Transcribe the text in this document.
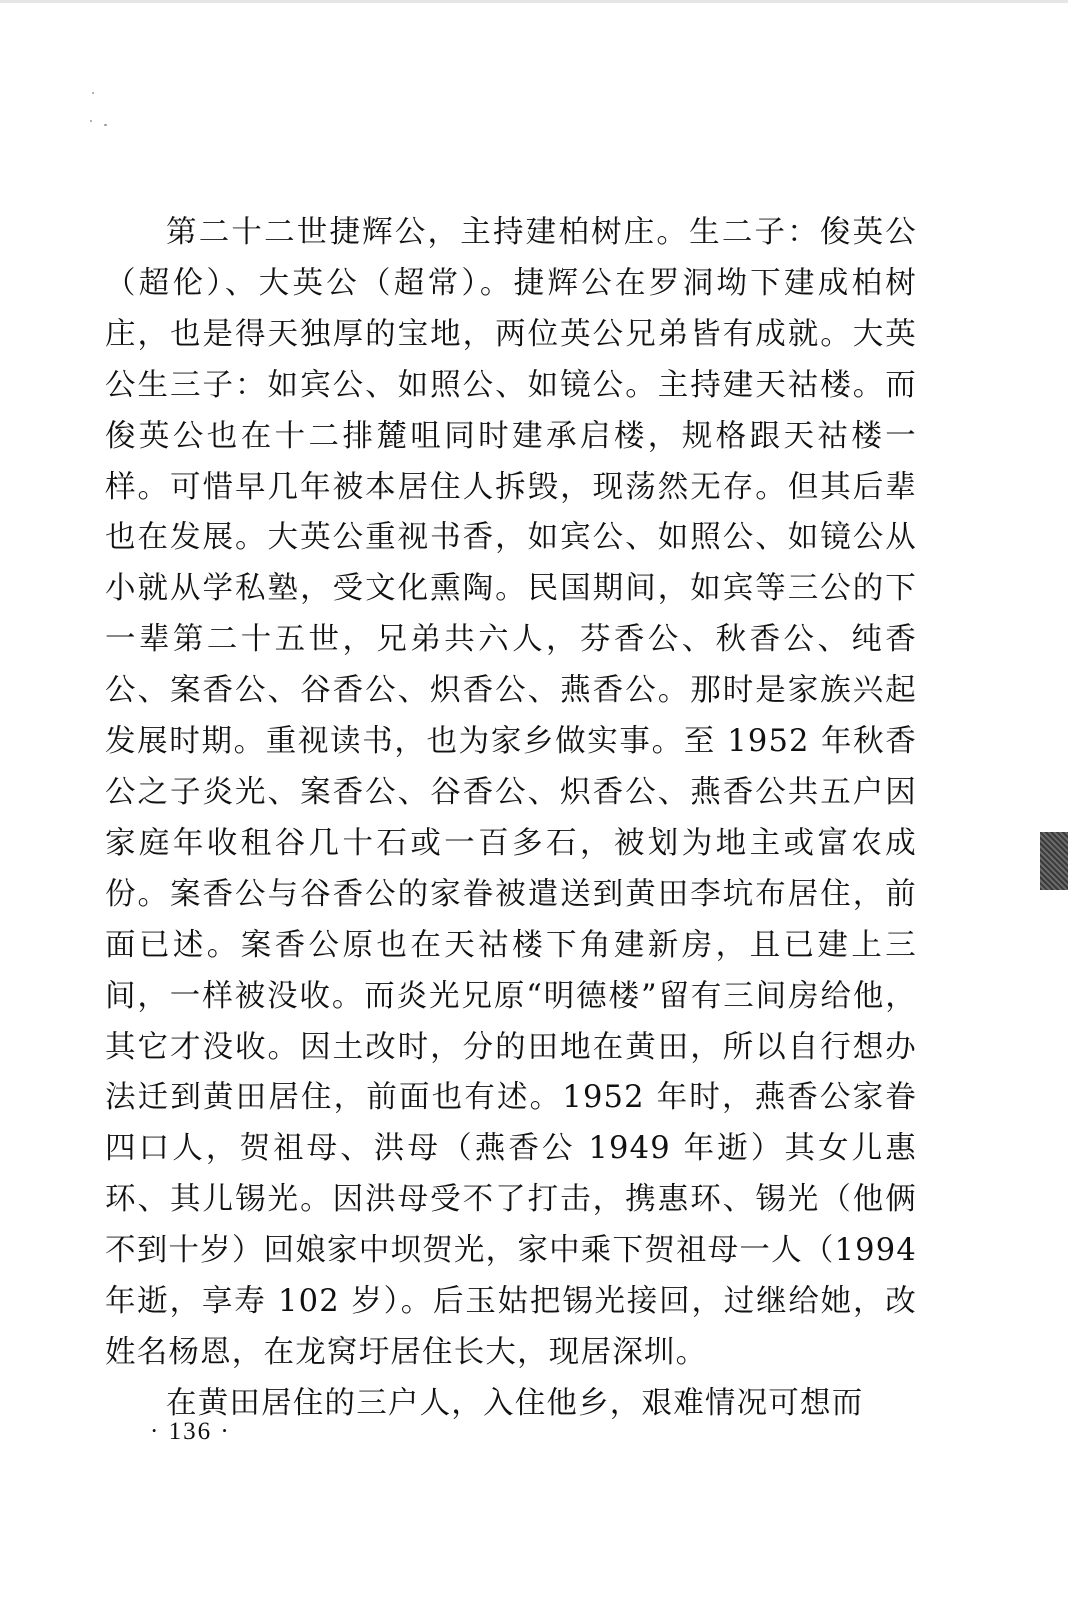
第二十二世捷辉公，主持建柏树庄。生二子：俊英公（超伦）、大英公（超常）。捷辉公在罗洞坳下建成柏树庄，也是得天独厚的宝地，两位英公兄弟皆有成就。大英公生三子：如宾公、如照公、如镜公。主持建天祜楼。而俊英公也在十二排麓咀同时建承启楼，规格跟天祜楼一样。可惜早几年被本居住人拆毁，现荡然无存。但其后辈也在发展。大英公重视书香，如宾公、如照公、如镜公从小就从学私塾，受文化熏陶。民国期间，如宾等三公的下一辈第二十五世，兄弟共六人，芬香公、秋香公、纯香公、案香公、谷香公、炽香公、燕香公。那时是家族兴起发展时期。重视读书，也为家乡做实事。至 1952 年秋香公之子炎光、案香公、谷香公、炽香公、燕香公共五户因家庭年收租谷几十石或一百多石，被划为地主或富农成份。案香公与谷香公的家眷被遣送到黄田李坑布居住，前面已述。案香公原也在天祜楼下角建新房，且已建上三间，一样被没收。而炎光兄原“明德楼”留有三间房给他，其它才没收。因土改时，分的田地在黄田，所以自行想办法迁到黄田居住，前面也有述。1952 年时，燕香公家眷四口人，贺祖母、洪母（燕香公 1949 年逝）其女儿惠环、其儿锡光。因洪母受不了打击，携惠环、锡光（他俩不到十岁）回娘家中坝贺光，家中乘下贺祖母一人（1994 年逝，享寿 102 岁）。后玉姑把锡光接回，过继给她，改姓名杨恩，在龙窝圩居住长大，现居深圳。

在黄田居住的三户人，入住他乡，艰难情况可想而

· 136 ·
